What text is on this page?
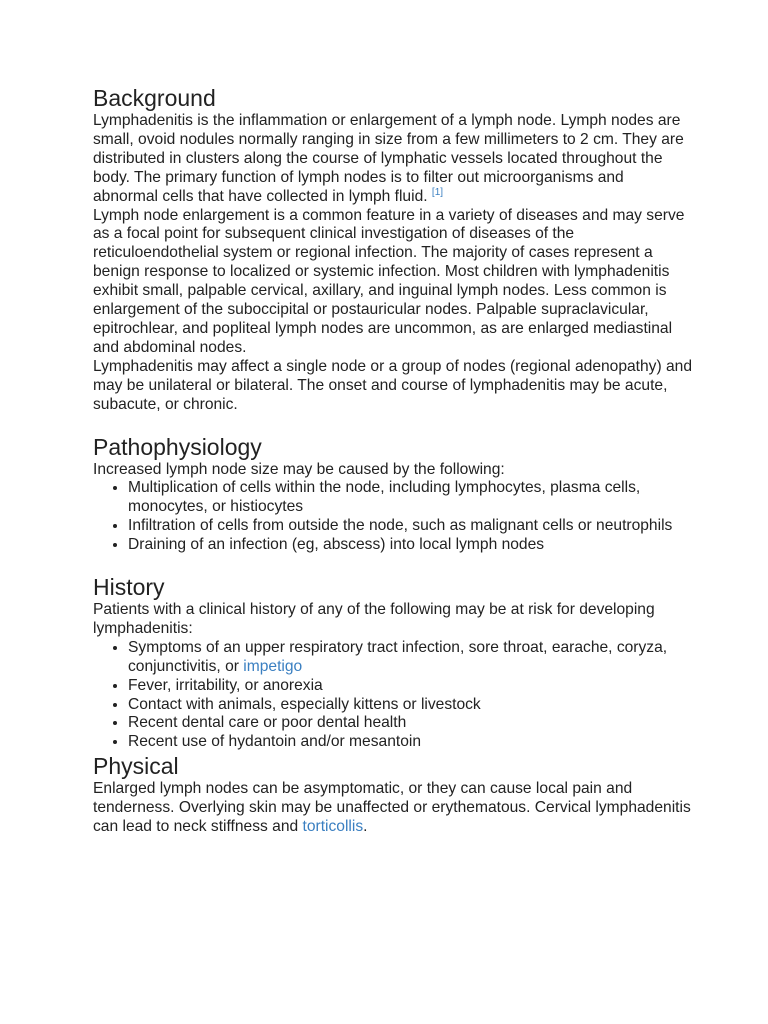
Background

Lymphadenitis is the inflammation or enlargement of a lymph node. Lymph nodes are small, ovoid nodules normally ranging in size from a few millimeters to 2 cm. They are distributed in clusters along the course of lymphatic vessels located throughout the body. The primary function of lymph nodes is to filter out microorganisms and abnormal cells that have collected in lymph fluid. [1]

Lymph node enlargement is a common feature in a variety of diseases and may serve as a focal point for subsequent clinical investigation of diseases of the reticuloendothelial system or regional infection. The majority of cases represent a benign response to localized or systemic infection. Most children with lymphadenitis exhibit small, palpable cervical, axillary, and inguinal lymph nodes. Less common is enlargement of the suboccipital or postauricular nodes. Palpable supraclavicular, epitrochlear, and popliteal lymph nodes are uncommon, as are enlarged mediastinal and abdominal nodes.

Lymphadenitis may affect a single node or a group of nodes (regional adenopathy) and may be unilateral or bilateral. The onset and course of lymphadenitis may be acute, subacute, or chronic.

Pathophysiology

Increased lymph node size may be caused by the following:

• Multiplication of cells within the node, including lymphocytes, plasma cells, monocytes, or histiocytes
• Infiltration of cells from outside the node, such as malignant cells or neutrophils
• Draining of an infection (eg, abscess) into local lymph nodes
History

Patients with a clinical history of any of the following may be at risk for developing lymphadenitis:

• Symptoms of an upper respiratory tract infection, sore throat, earache, coryza, conjunctivitis, or impetigo
• Fever, irritability, or anorexia
• Contact with animals, especially kittens or livestock
• Recent dental care or poor dental health
• Recent use of hydantoin and/or mesantoin
Physical

Enlarged lymph nodes can be asymptomatic, or they can cause local pain and tenderness. Overlying skin may be unaffected or erythematous. Cervical lymphadenitis can lead to neck stiffness and torticollis.
